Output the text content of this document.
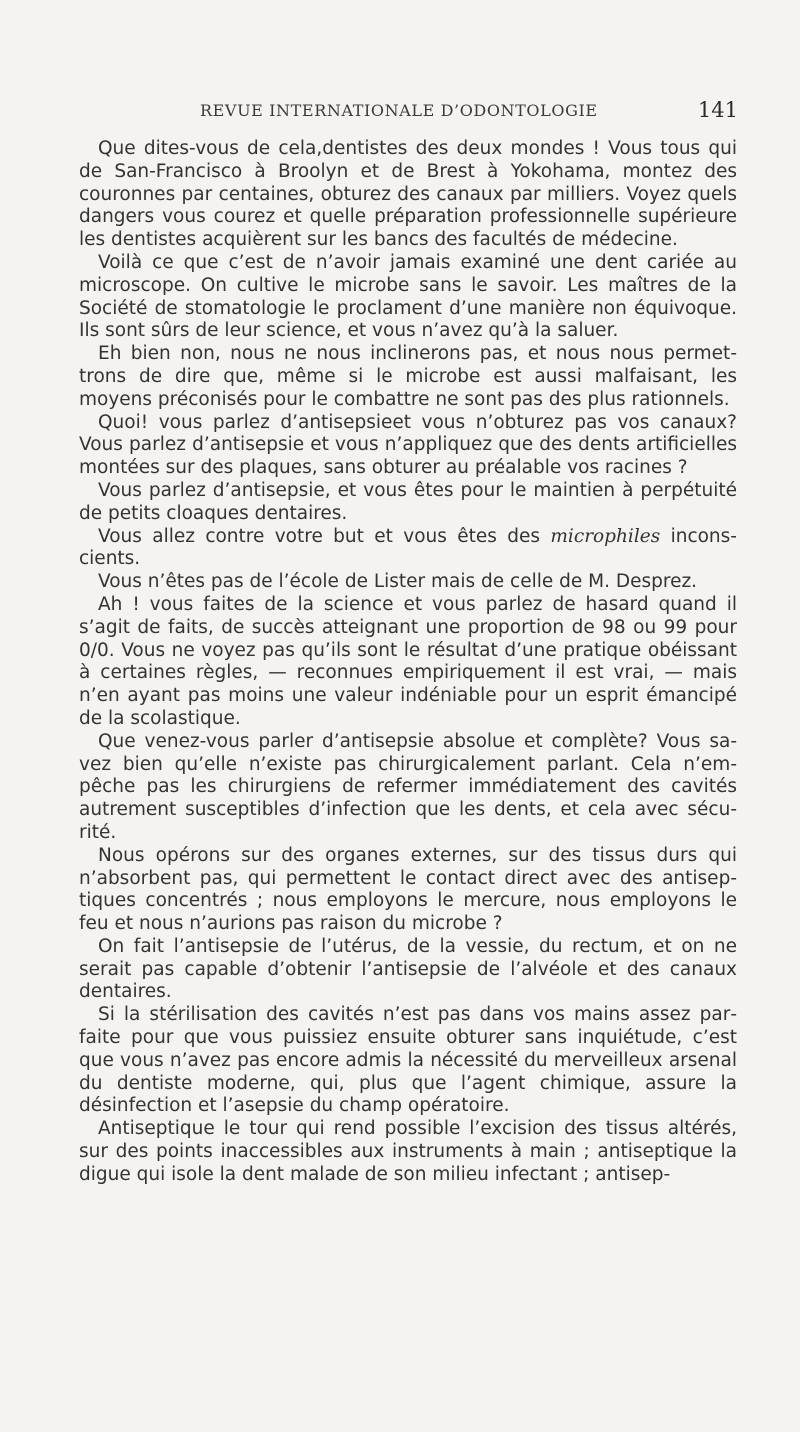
REVUE INTERNATIONALE D’ODONTOLOGIE	141

Que dites-vous de cela,dentistes des deux mondes ! Vous tous qui de San-Francisco à Broolyn et de Brest à Yokohama, montez des couronnes par centaines, obturez des canaux par milliers. Voyez quels dangers vous courez et quelle préparation professionnelle supérieure les dentistes acquièrent sur les bancs des facultés de médecine.

Voilà ce que c’est de n’avoir jamais examiné une dent cariée au microscope. On cultive le microbe sans le savoir. Les maîtres de la Société de stomatologie le proclament d’une manière non équivoque. Ils sont sûrs de leur science, et vous n’avez qu’à la saluer.

Eh bien non, nous ne nous inclinerons pas, et nous nous permettrons de dire que, même si le microbe est aussi malfaisant, les moyens préconisés pour le combattre ne sont pas des plus rationnels.

Quoi! vous parlez d’antisepsieet vous n’obturez pas vos canaux? Vous parlez d’antisepsie et vous n’appliquez que des dents artificielles montées sur des plaques, sans obturer au préalable vos racines ?

Vous parlez d’antisepsie, et vous êtes pour le maintien à perpétuité de petits cloaques dentaires.

Vous allez contre votre but et vous êtes des microphiles inconscients.

Vous n’êtes pas de l’école de Lister mais de celle de M. Desprez.

Ah ! vous faites de la science et vous parlez de hasard quand il s’agit de faits, de succès atteignant une proportion de 98 ou 99 pour 0/0. Vous ne voyez pas qu’ils sont le résultat d’une pratique obéissant à certaines règles, — reconnues empiriquement il est vrai, — mais n’en ayant pas moins une valeur indéniable pour un esprit émancipé de la scolastique.

Que venez-vous parler d’antisepsie absolue et complète? Vous savez bien qu’elle n’existe pas chirurgicalement parlant. Cela n’empêche pas les chirurgiens de refermer immédiatement des cavités autrement susceptibles d’infection que les dents, et cela avec sécurité.

Nous opérons sur des organes externes, sur des tissus durs qui n’absorbent pas, qui permettent le contact direct avec des antiseptiques concentrés ; nous employons le mercure, nous employons le feu et nous n’aurions pas raison du microbe ?

On fait l’antisepsie de l’utérus, de la vessie, du rectum, et on ne serait pas capable d’obtenir l’antisepsie de l’alvéole et des canaux dentaires.

Si la stérilisation des cavités n’est pas dans vos mains assez parfaite pour que vous puissiez ensuite obturer sans inquiétude, c’est que vous n’avez pas encore admis la nécessité du merveilleux arsenal du dentiste moderne, qui, plus que l’agent chimique, assure la désinfection et l’asepsie du champ opératoire.

Antiseptique le tour qui rend possible l’excision des tissus altérés, sur des points inaccessibles aux instruments à main ; antiseptique la digue qui isole la dent malade de son milieu infectant ; antisep-
